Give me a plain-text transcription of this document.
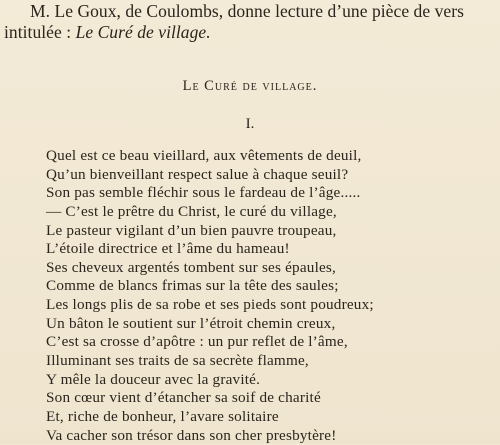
M. Le Goux, de Coulombs, donne lecture d’une pièce de vers
intitulée : Le Curé de village.
Le Curé de village.
I.
Quel est ce beau vieillard, aux vêtements de deuil,
Qu’un bienveillant respect salue à chaque seuil?
Son pas semble fléchir sous le fardeau de l’âge.....
— C’est le prêtre du Christ, le curé du village,
Le pasteur vigilant d’un bien pauvre troupeau,
L’étoile directrice et l’âme du hameau!
Ses cheveux argentés tombent sur ses épaules,
Comme de blancs frimas sur la tête des saules;
Les longs plis de sa robe et ses pieds sont poudreux;
Un bâton le soutient sur l’étroit chemin creux,
C’est sa crosse d’apôtre : un pur reflet de l’âme,
Illuminant ses traits de sa secrète flamme,
Y mêle la douceur avec la gravité.
Son cœur vient d’étancher sa soif de charité
Et, riche de bonheur, l’avare solitaire
Va cacher son trésor dans son cher presbytère!
